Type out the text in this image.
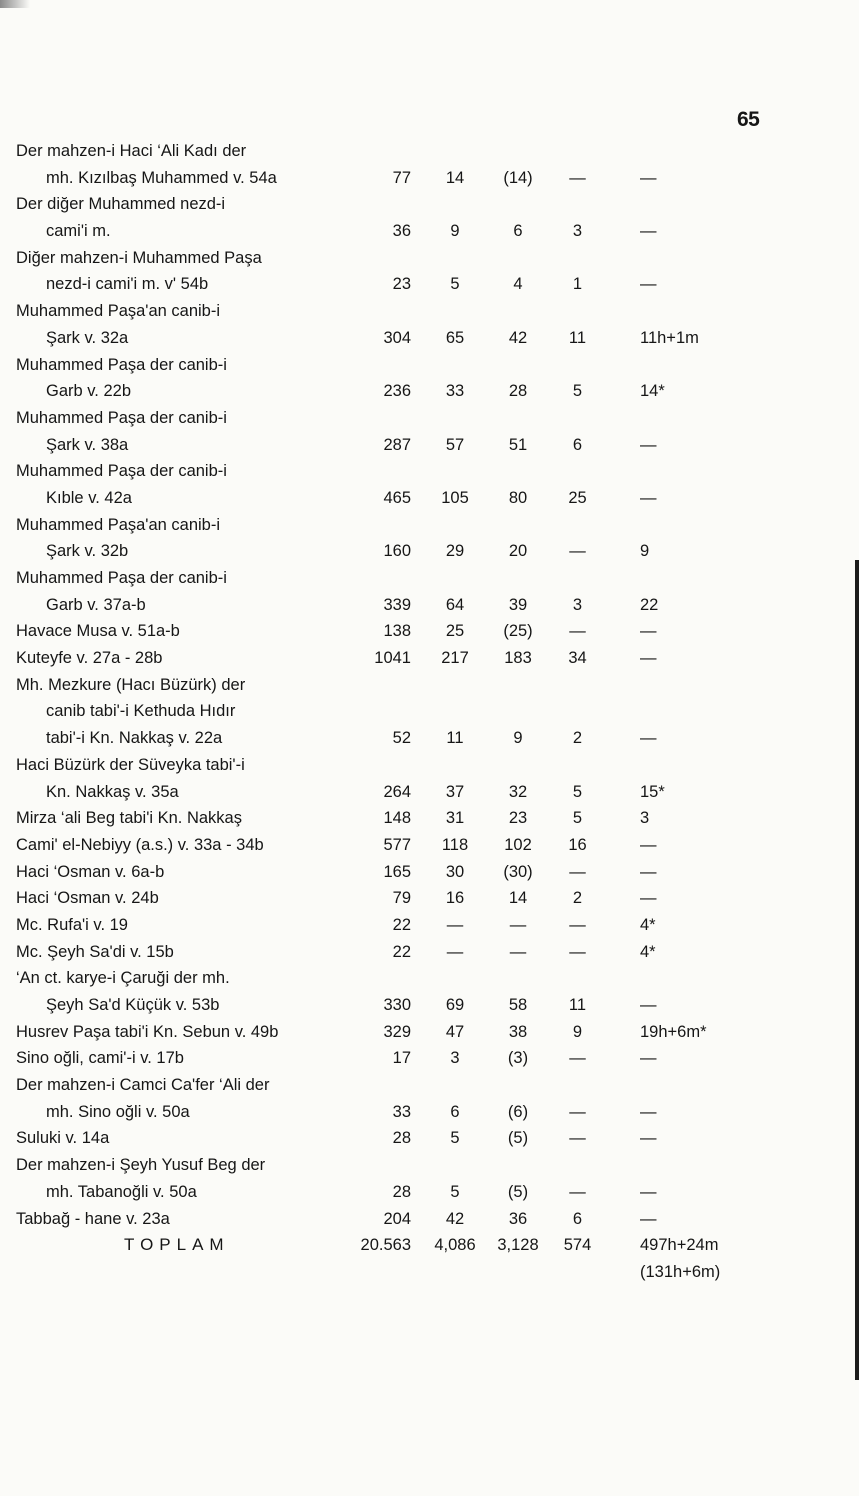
65
Der mahzen-i Haci ‘Ali Kadı der
mh. Kızılbaş Muhammed v. 54a	77	14	(14)	—	—
Der diğer Muhammed nezd-i
cami'i m.	36	9	6	3	—
Diğer mahzen-i Muhammed Paşa
nezd-i cami'i m. v' 54b	23	5	4	1	—
Muhammed Paşa'an canib-i
Şark v. 32a	304	65	42	11	11h+1m
Muhammed Paşa der canib-i
Garb v. 22b	236	33	28	5	14*
Muhammed Paşa der canib-i
Şark v. 38a	287	57	51	6	—
Muhammed Paşa der canib-i
Kıble v. 42a	465	105	80	25	—
Muhammed Paşa'an canib-i
Şark v. 32b	160	29	20	—	9
Muhammed Paşa der canib-i
Garb v. 37a-b	339	64	39	3	22
Havace Musa v. 51a-b	138	25	(25)	—	—
Kuteyfe v. 27a - 28b	1041	217	183	34	—
Mh. Mezkure (Hacı Büzürk) der
canib tabi'-i Kethuda Hıdır
tabi'-i Kn. Nakkaş v. 22a	52	11	9	2	—
Haci Büzürk der Süveyka tabi'-i
Kn. Nakkaş v. 35a	264	37	32	5	15*
Mirza ‘ali Beg tabi'i Kn. Nakkaş	148	31	23	5	3
Cami' el-Nebiyy (a.s.) v. 33a - 34b	577	118	102	16	—
Haci ‘Osman v. 6a-b	165	30	(30)	—	—
Haci ‘Osman v. 24b	79	16	14	2	—
Mc. Rufa'i v. 19	22	—	—	—	4*
Mc. Şeyh Sa'di v. 15b	22	—	—	—	4*
‘An ct. karye-i Çaruği der mh.
Şeyh Sa'd Küçük v. 53b	330	69	58	11	—
Husrev Paşa tabi'i Kn. Sebun v. 49b	329	47	38	9	19h+6m*
Sino oğli, cami'-i v. 17b	17	3	(3)	—	—
Der mahzen-i Camci Ca'fer ‘Ali der
mh. Sino oğli v. 50a	33	6	(6)	—	—
Suluki v. 14a	28	5	(5)	—	—
Der mahzen-i Şeyh Yusuf Beg der
mh. Tabanoğli v. 50a	28	5	(5)	—	—
Tabbağ - hane v. 23a	204	42	36	6	—
TOPLAM	20.563	4,086	3,128	574	497h+24m
(131h+6m)
